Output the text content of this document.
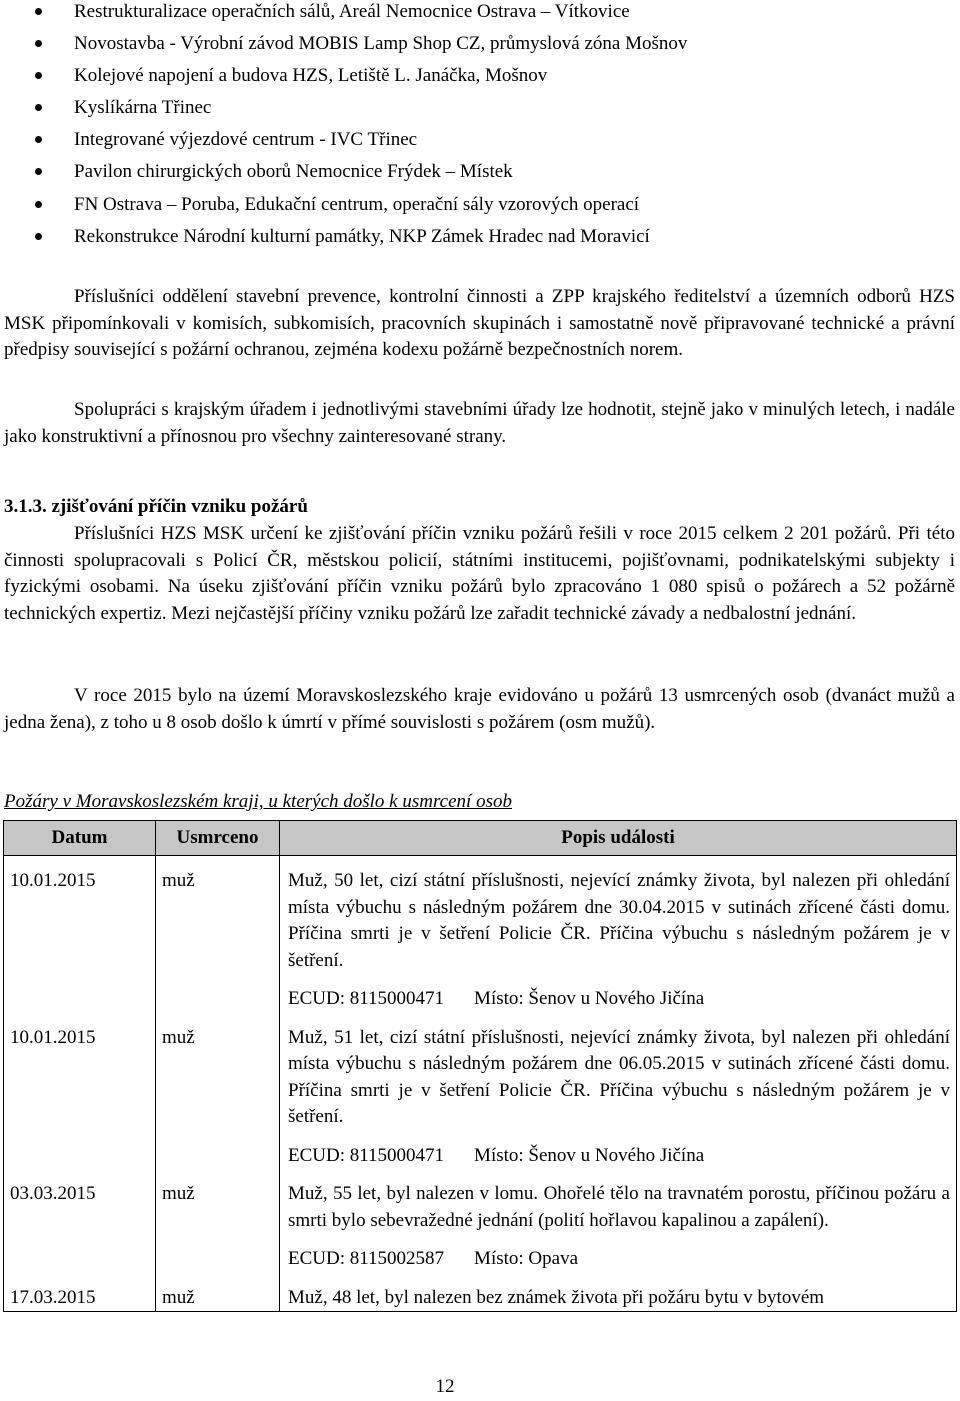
Restrukturalizace operačních sálů, Areál Nemocnice Ostrava – Vítkovice
Novostavba - Výrobní závod MOBIS Lamp Shop CZ, průmyslová zóna Mošnov
Kolejové napojení a budova HZS, Letiště L. Janáčka, Mošnov
Kyslíkárna Třinec
Integrované výjezdové centrum - IVC Třinec
Pavilon chirurgických oborů Nemocnice Frýdek – Místek
FN Ostrava – Poruba, Edukační centrum, operační sály vzorových operací
Rekonstrukce Národní kulturní památky, NKP Zámek Hradec nad Moravicí

Příslušníci oddělení stavební prevence, kontrolní činnosti a ZPP krajského ředitelství a územních odborů HZS MSK připomínkovali v komisích, subkomisích, pracovních skupinách i samostatně nově připravované technické a právní předpisy související s požární ochranou, zejména kodexu požárně bezpečnostních norem.

Spolupráci s krajským úřadem i jednotlivými stavebními úřady lze hodnotit, stejně jako v minulých letech, i nadále jako konstruktivní a přínosnou pro všechny zainteresované strany.

3.1.3. zjišťování příčin vzniku požárů

Příslušníci HZS MSK určení ke zjišťování příčin vzniku požárů řešili v roce 2015 celkem 2 201 požárů. Při této činnosti spolupracovali s Policí ČR, městskou policií, státními institucemi, pojišťovnami, podnikatelskými subjekty i fyzickými osobami. Na úseku zjišťování příčin vzniku požárů bylo zpracováno 1 080 spisů o požárech a 52 požárně technických expertiz. Mezi nejčastější příčiny vzniku požárů lze zařadit technické závady a nedbalostní jednání.

V roce 2015 bylo na území Moravskoslezského kraje evidováno u požárů 13 usmrcených osob (dvanáct mužů a jedna žena), z toho u 8 osob došlo k úmrtí v přímé souvislosti s požárem (osm mužů).

Požáry v Moravskoslezském kraji, u kterých došlo k usmrcení osob
Datum	Usmrceno	Popis události
10.01.2015	muž	Muž, 50 let, cizí státní příslušnosti, nejevící známky života, byl nalezen při ohledání místa výbuchu s následným požárem dne 30.04.2015 v sutinách zřícené části domu. Příčina smrti je v šetření Policie ČR. Příčina výbuchu s následným požárem je v šetření.
ECUD: 8115000471 Místo: Šenov u Nového Jičína

10.01.2015	muž	Muž, 51 let, cizí státní příslušnosti, nejevící známky života, byl nalezen při ohledání místa výbuchu s následným požárem dne 06.05.2015 v sutinách zřícené části domu. Příčina smrti je v šetření Policie ČR. Příčina výbuchu s následným požárem je v šetření.
ECUD: 8115000471 Místo: Šenov u Nového Jičína

03.03.2015	muž	Muž, 55 let, byl nalezen v lomu. Ohořelé tělo na travnatém porostu, příčinou požáru a smrti bylo sebevražedné jednání (polití hořlavou kapalinou a zapálení).
ECUD: 8115002587 Místo: Opava

17.03.2015	muž	Muž, 48 let, byl nalezen bez známek života při požáru bytu v bytovém
12
